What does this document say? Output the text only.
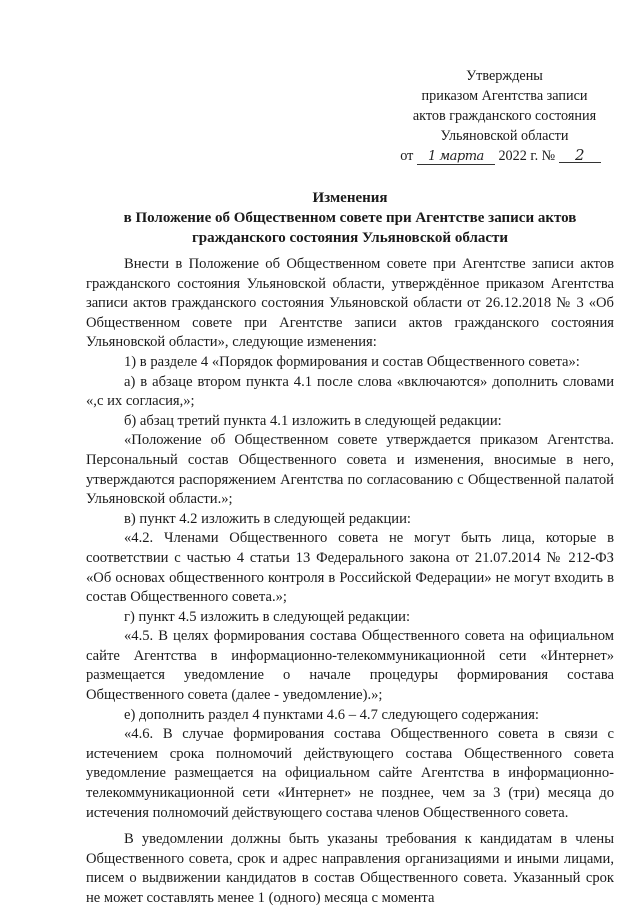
Утверждены
приказом Агентства записи
актов гражданского состояния
Ульяновской области
от 1 марта 2022 г. № 2
Изменения
в Положение об Общественном совете при Агентстве записи актов
гражданского состояния Ульяновской области

Внести в Положение об Общественном совете при Агентстве записи актов гражданского состояния Ульяновской области, утверждённое приказом Агентства записи актов гражданского состояния Ульяновской области от 26.12.2018 № 3 «Об Общественном совете при Агентстве записи актов гражданского состояния Ульяновской области», следующие изменения:

1) в разделе 4 «Порядок формирования и состав Общественного совета»:

а) в абзаце втором пункта 4.1 после слова «включаются» дополнить словами «,с их согласия,»;

б) абзац третий пункта 4.1 изложить в следующей редакции:

«Положение об Общественном совете утверждается приказом Агентства. Персональный состав Общественного совета и изменения, вносимые в него, утверждаются распоряжением Агентства по согласованию с Общественной палатой Ульяновской области.»;

в) пункт 4.2 изложить в следующей редакции:

«4.2. Членами Общественного совета не могут быть лица, которые в соответствии с частью 4 статьи 13 Федерального закона от 21.07.2014 № 212-ФЗ «Об основах общественного контроля в Российской Федерации» не могут входить в состав Общественного совета.»;

г) пункт 4.5 изложить в следующей редакции:

«4.5. В целях формирования состава Общественного совета на официальном сайте Агентства в информационно-телекоммуникационной сети «Интернет» размещается уведомление о начале процедуры формирования состава Общественного совета (далее - уведомление).»;

е) дополнить раздел 4 пунктами 4.6 – 4.7 следующего содержания:

«4.6. В случае формирования состава Общественного совета в связи с истечением срока полномочий действующего состава Общественного совета уведомление размещается на официальном сайте Агентства в информационно-телекоммуникационной сети «Интернет» не позднее, чем за 3 (три) месяца до истечения полномочий действующего состава членов Общественного совета.

В уведомлении должны быть указаны требования к кандидатам в члены Общественного совета, срок и адрес направления организациями и иными лицами, писем о выдвижении кандидатов в состав Общественного совета. Указанный срок не может составлять менее 1 (одного) месяца с момента
